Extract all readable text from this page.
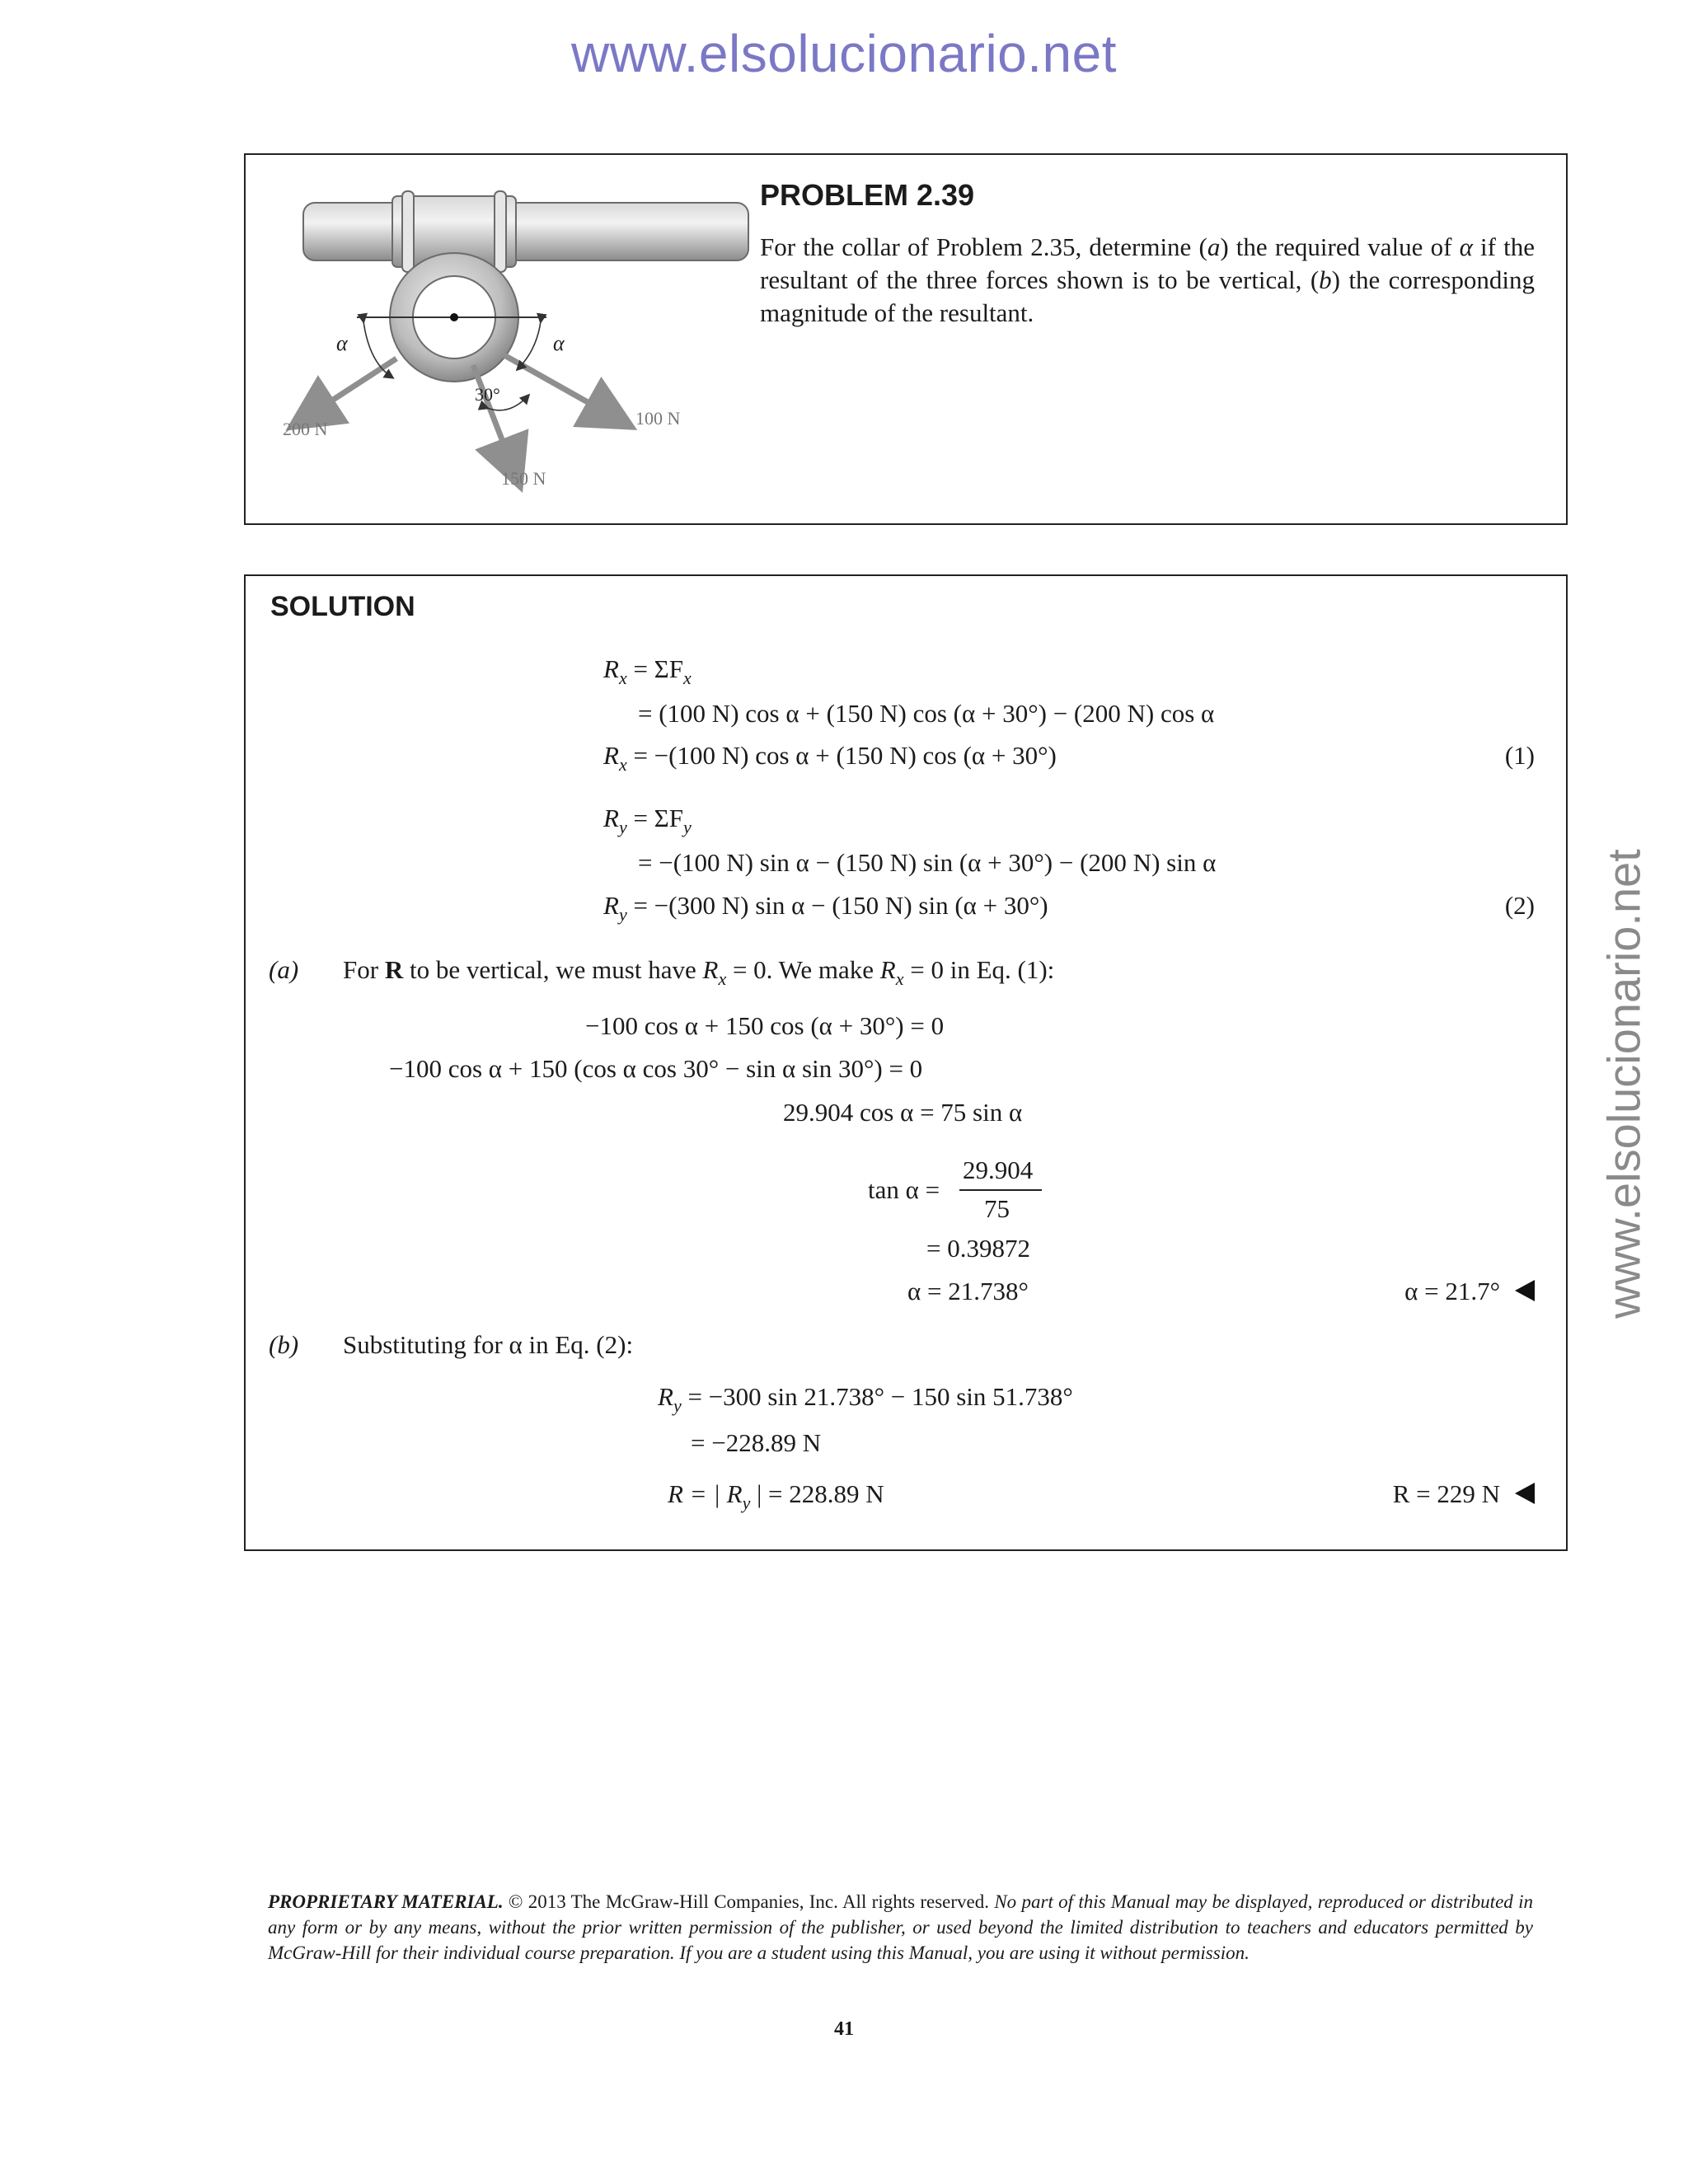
www.elsolucionario.net
www.elsolucionario.net
α	α
30°
200 N
150 N
100 N
PROBLEM 2.39
For the collar of Problem 2.35, determine (a) the required value of α if the resultant of the three forces shown is to be vertical, (b) the corresponding magnitude of the resultant.
SOLUTION
$R_x = \Sigma F_x$
= (100 N) cos α + (150 N) cos (α + 30°) − (200 N) cos α
$R_x = -(100$ N) cos α + (150 N) cos (α + 30°)	(1)
$R_y = \Sigma F_y$
= −(100 N) sin α − (150 N) sin (α + 30°) − (200 N) sin α
$R_y = -(300$ N) sin α − (150 N) sin (α + 30°)	(2)
(a) For R to be vertical, we must have $R_x = 0$. We make $R_x = 0$ in Eq. (1):
−100 cos α + 150 cos (α + 30°) = 0
−100 cos α + 150 (cos α cos 30° − sin α sin 30°) = 0
29.904 cos α = 75 sin α
tan α =
29.904
75
= 0.39872
α = 21.738°	α = 21.7°
(b) Substituting for α in Eq. (2):
$R_y = -300$ sin 21.738° − 150 sin 51.738°
= −228.89 N
R = | $R_y$ | = 228.89 N	R = 229 N
PROPRIETARY MATERIAL. © 2013 The McGraw-Hill Companies, Inc. All rights reserved. No part of this Manual may be displayed, reproduced or distributed in any form or by any means, without the prior written permission of the publisher, or used beyond the limited distribution to teachers and educators permitted by McGraw-Hill for their individual course preparation. If you are a student using this Manual, you are using it without permission.
41
